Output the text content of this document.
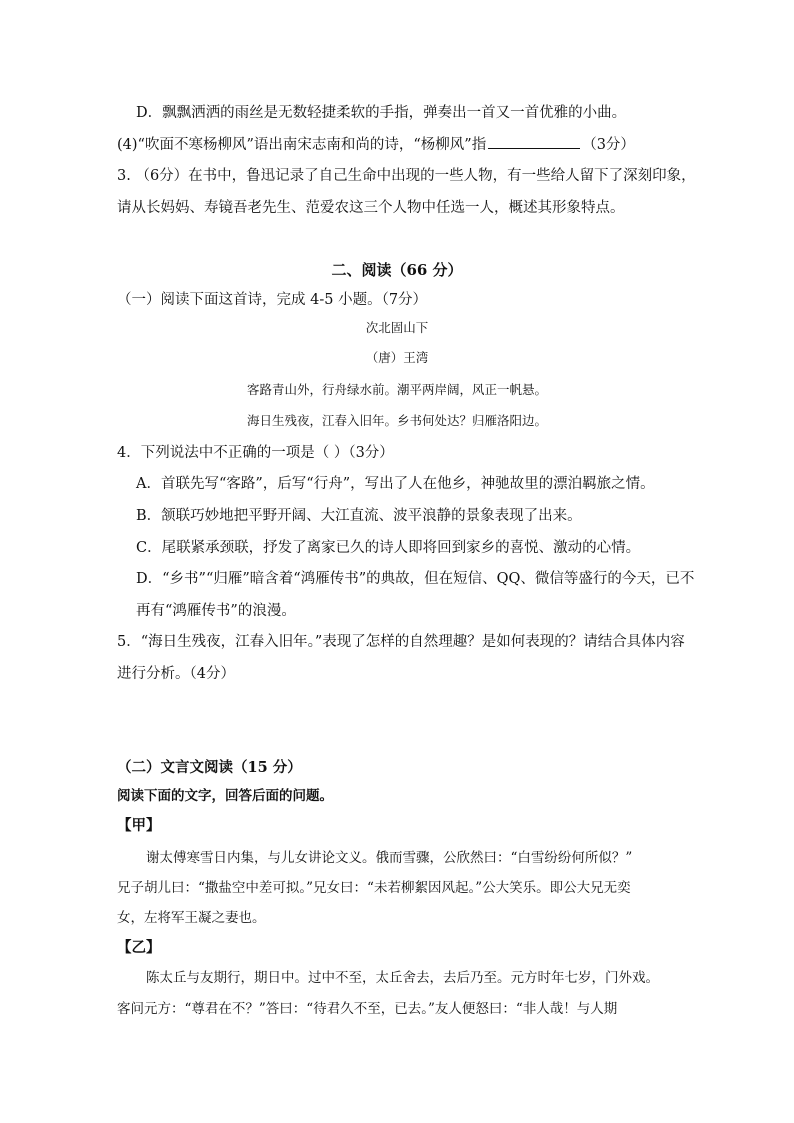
D．飘飘洒洒的雨丝是无数轻捷柔软的手指，弹奏出一首又一首优雅的小曲。
(4)“吹面不寒杨柳风”语出南宋志南和尚的诗，“杨柳风”指	（3分）
3. （6分）在书中，鲁迅记录了自己生命中出现的一些人物，有一些给人留下了深刻印象，
请从长妈妈、寿镜吾老先生、范爱农这三个人物中任选一人，概述其形象特点。
二、阅读（66 分）
（一）阅读下面这首诗，完成 4-5 小题。（7分）
次北固山下
（唐）王湾
客路青山外，行舟绿水前。潮平两岸阔，风正一帆悬。
海日生残夜，江春入旧年。乡书何处达？归雁洛阳边。
4．下列说法中不正确的一项是（ ）（3分）
A．首联先写“客路”，后写“行舟”，写出了人在他乡，神驰故里的漂泊羁旅之情。
B．颔联巧妙地把平野开阔、大江直流、波平浪静的景象表现了出来。
C．尾联紧承颈联，抒发了离家已久的诗人即将回到家乡的喜悦、激动的心情。
D．“乡书”“归雁”暗含着“鸿雁传书”的典故，但在短信、QQ、微信等盛行的今天，已不
再有“鸿雁传书”的浪漫。
5．“海日生残夜，江春入旧年。”表现了怎样的自然理趣？是如何表现的？请结合具体内容
进行分析。（4分）
（二）文言文阅读（15 分）
阅读下面的文字，回答后面的问题。
【甲】
谢太傅寒雪日内集，与儿女讲论文义。俄而雪骤，公欣然曰：“白雪纷纷何所似？”
兄子胡儿曰：“撒盐空中差可拟。”兄女曰：“未若柳絮因风起。”公大笑乐。即公大兄无奕
女，左将军王凝之妻也。
【乙】
陈太丘与友期行，期日中。过中不至，太丘舍去，去后乃至。元方时年七岁，门外戏。
客问元方：“尊君在不？”答曰：“待君久不至，已去。”友人便怒曰：“非人哉！与人期
